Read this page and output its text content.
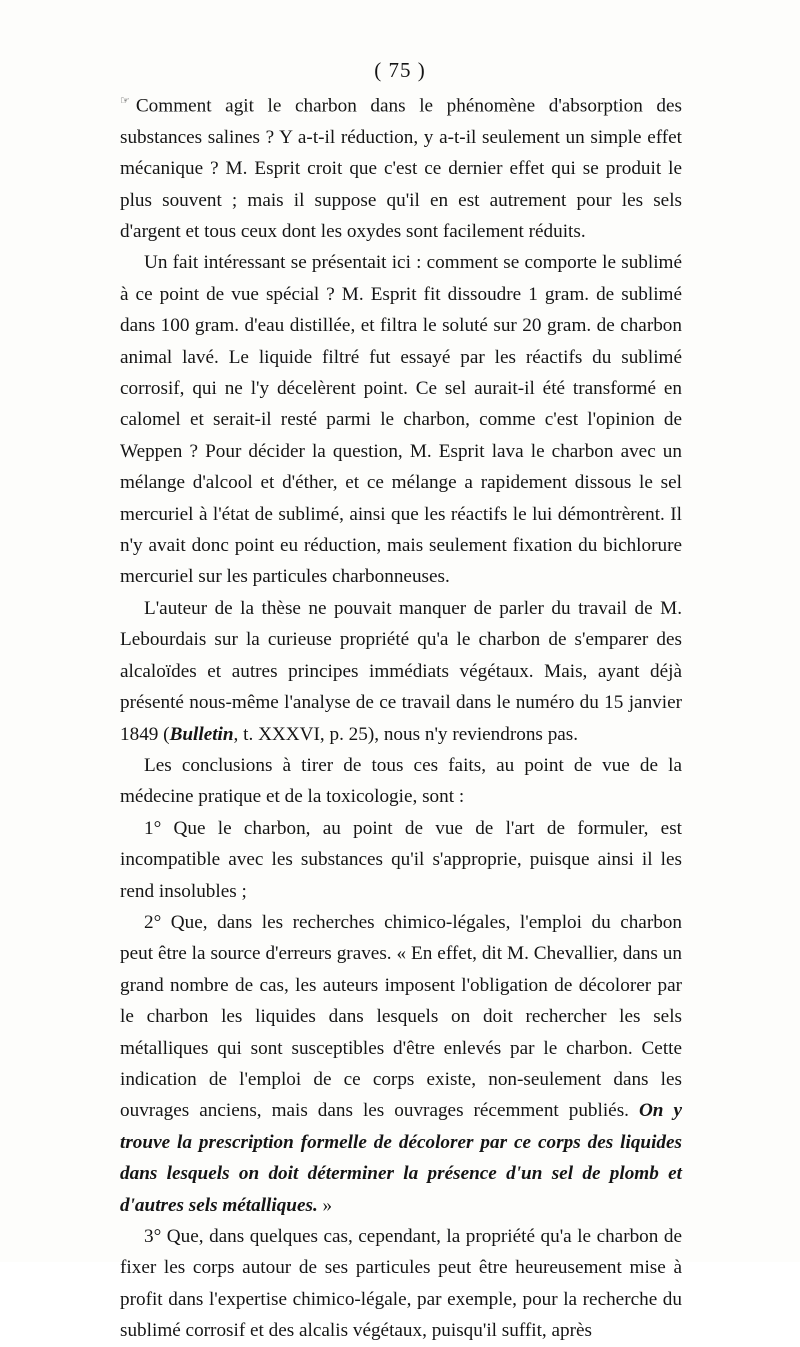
( 75 )

☞ Comment agit le charbon dans le phénomène d'absorption des substances salines ? Y a-t-il réduction, y a-t-il seulement un simple effet mécanique ? M. Esprit croit que c'est ce dernier effet qui se produit le plus souvent ; mais il suppose qu'il en est autrement pour les sels d'argent et tous ceux dont les oxydes sont facilement réduits.

Un fait intéressant se présentait ici : comment se comporte le sublimé à ce point de vue spécial ? M. Esprit fit dissoudre 1 gram. de sublimé dans 100 gram. d'eau distillée, et filtra le soluté sur 20 gram. de charbon animal lavé. Le liquide filtré fut essayé par les réactifs du sublimé corrosif, qui ne l'y décelèrent point. Ce sel aurait-il été transformé en calomel et serait-il resté parmi le charbon, comme c'est l'opinion de Weppen ? Pour décider la question, M. Esprit lava le charbon avec un mélange d'alcool et d'éther, et ce mélange a rapidement dissous le sel mercuriel à l'état de sublimé, ainsi que les réactifs le lui démontrèrent. Il n'y avait donc point eu réduction, mais seulement fixation du bichlorure mercuriel sur les particules charbonneuses.

L'auteur de la thèse ne pouvait manquer de parler du travail de M. Lebourdais sur la curieuse propriété qu'a le charbon de s'emparer des alcaloïdes et autres principes immédiats végétaux. Mais, ayant déjà présenté nous-même l'analyse de ce travail dans le numéro du 15 janvier 1849 (Bulletin, t. XXXVI, p. 25), nous n'y reviendrons pas.

Les conclusions à tirer de tous ces faits, au point de vue de la médecine pratique et de la toxicologie, sont :

1° Que le charbon, au point de vue de l'art de formuler, est incompatible avec les substances qu'il s'approprie, puisque ainsi il les rend insolubles ;

2° Que, dans les recherches chimico-légales, l'emploi du charbon peut être la source d'erreurs graves. « En effet, dit M. Chevallier, dans un grand nombre de cas, les auteurs imposent l'obligation de décolorer par le charbon les liquides dans lesquels on doit rechercher les sels métalliques qui sont susceptibles d'être enlevés par le charbon. Cette indication de l'emploi de ce corps existe, non-seulement dans les ouvrages anciens, mais dans les ouvrages récemment publiés. On y trouve la prescription formelle de décolorer par ce corps des liquides dans lesquels on doit déterminer la présence d'un sel de plomb et d'autres sels métalliques. »

3° Que, dans quelques cas, cependant, la propriété qu'a le charbon de fixer les corps autour de ses particules peut être heureusement mise à profit dans l'expertise chimico-légale, par exemple, pour la recherche du sublimé corrosif et des alcalis végétaux, puisqu'il suffit, après
